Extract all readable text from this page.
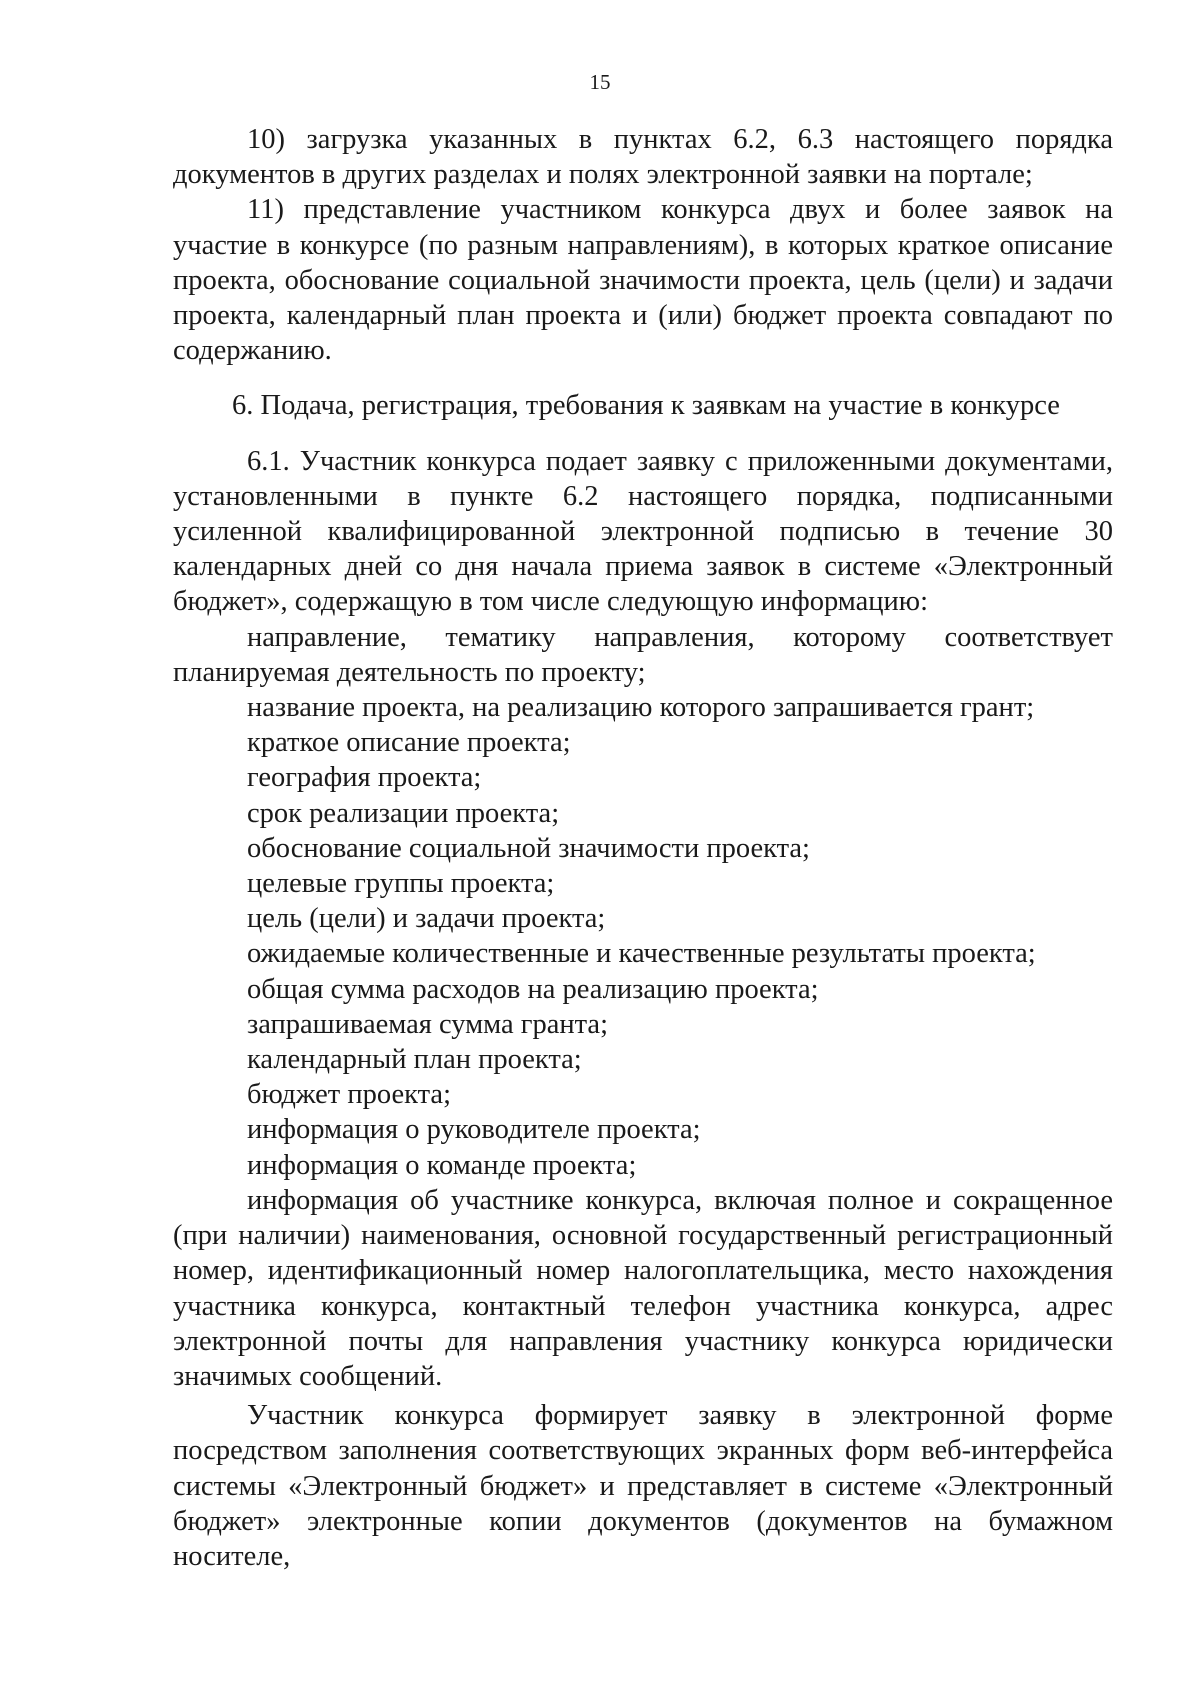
15

10) загрузка указанных в пунктах 6.2, 6.3 настоящего порядка документов в других разделах и полях электронной заявки на портале;

11) представление участником конкурса двух и более заявок на участие в конкурсе (по разным направлениям), в которых краткое описание проекта, обоснование социальной значимости проекта, цель (цели) и задачи проекта, календарный план проекта и (или) бюджет проекта совпадают по содержанию.

6. Подача, регистрация, требования к заявкам на участие в конкурсе

6.1. Участник конкурса подает заявку с приложенными документами, установленными в пункте 6.2 настоящего порядка, подписанными усиленной квалифицированной электронной подписью в течение 30 календарных дней со дня начала приема заявок в системе «Электронный бюджет», содержащую в том числе следующую информацию:

направление, тематику направления, которому соответствует планируемая деятельность по проекту;

название проекта, на реализацию которого запрашивается грант;

краткое описание проекта;

география проекта;

срок реализации проекта;

обоснование социальной значимости проекта;

целевые группы проекта;

цель (цели) и задачи проекта;

ожидаемые количественные и качественные результаты проекта;

общая сумма расходов на реализацию проекта;

запрашиваемая сумма гранта;

календарный план проекта;

бюджет проекта;

информация о руководителе проекта;

информация о команде проекта;

информация об участнике конкурса, включая полное и сокращенное (при наличии) наименования, основной государственный регистрационный номер, идентификационный номер налогоплательщика, место нахождения участника конкурса, контактный телефон участника конкурса, адрес электронной почты для направления участнику конкурса юридически значимых сообщений.

Участник конкурса формирует заявку в электронной форме посредством заполнения соответствующих экранных форм веб-интерфейса системы «Электронный бюджет» и представляет в системе «Электронный бюджет» электронные копии документов (документов на бумажном носителе,
